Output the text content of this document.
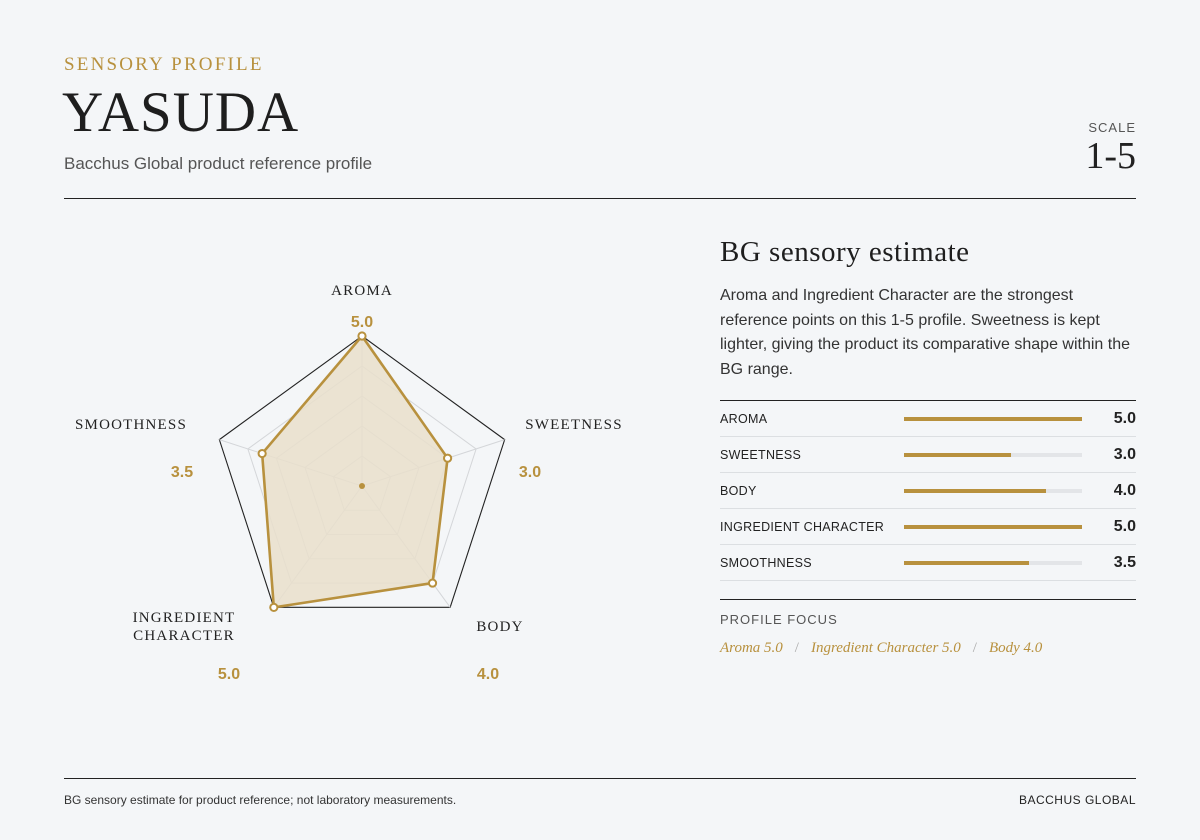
SENSORY PROFILE
YASUDA
Bacchus Global product reference profile
SCALE
1-5
AROMA
5.0
SWEETNESS
3.0
BODY
4.0
INGREDIENT CHARACTER
5.0
SMOOTHNESS
3.5
BG sensory estimate
Aroma and Ingredient Character are the strongest reference points on this 1-5 profile. Sweetness is kept lighter, giving the product its comparative shape within the BG range.
AROMA	5.0
SWEETNESS	3.0
BODY	4.0
INGREDIENT CHARACTER	5.0
SMOOTHNESS	3.5
PROFILE FOCUS
Aroma 5.0 / Ingredient Character 5.0 / Body 4.0
BG sensory estimate for product reference; not laboratory measurements.	BACCHUS GLOBAL
